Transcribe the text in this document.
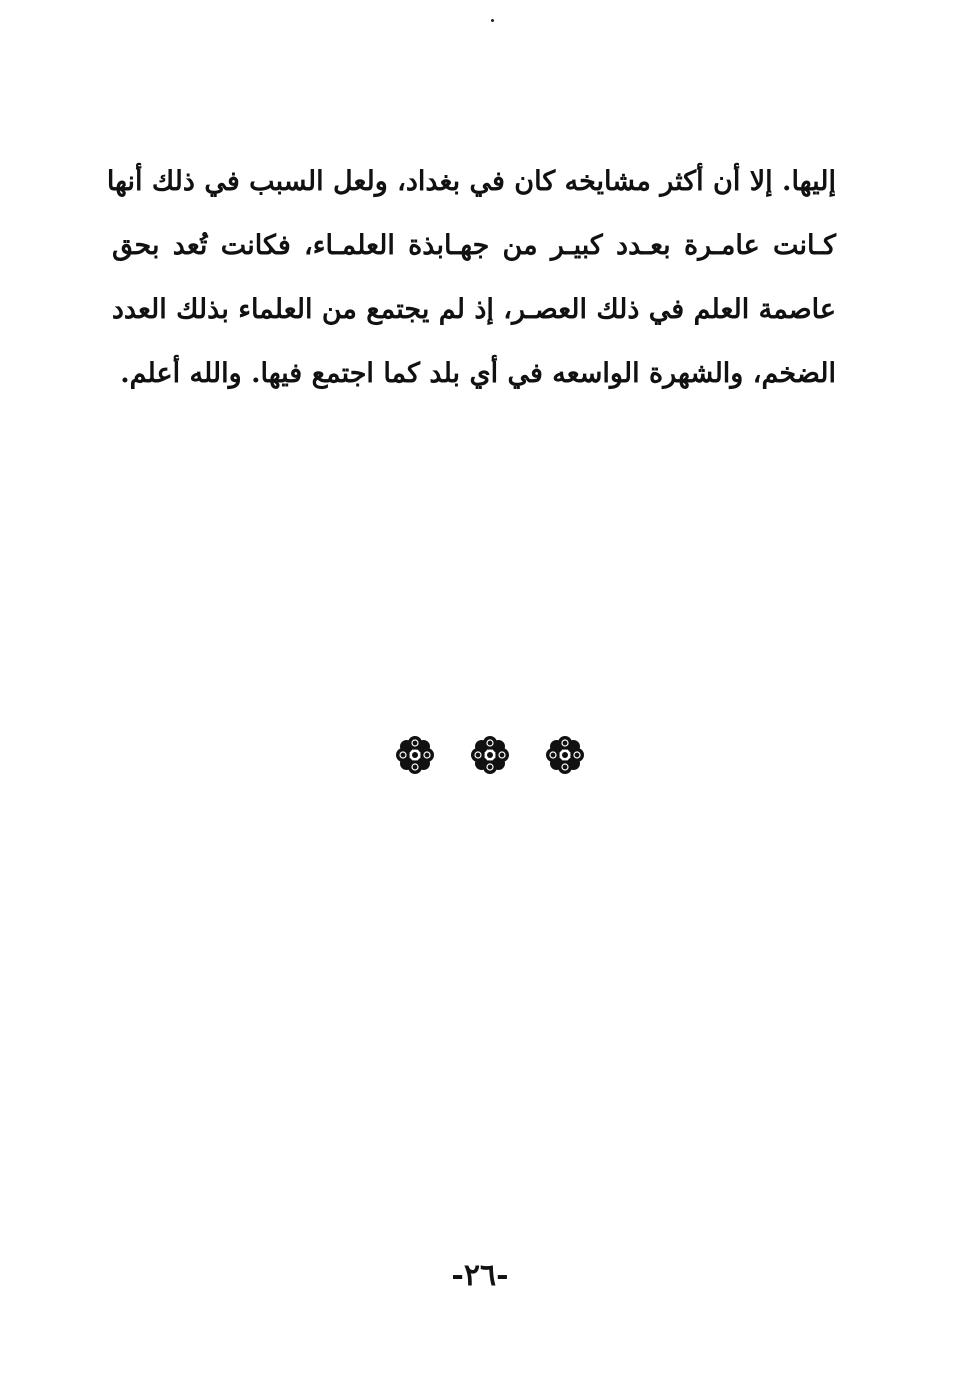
إليها. إلا أن أكثر مشايخه كان في بغداد، ولعل السبب في ذلك أنها
كـانت عامـرة بعـدد كبيـر من جهـابذة العلمـاء، فكانت تُعد بحق
عاصمة العلم في ذلك العصـر، إذ لم يجتمع من العلماء بذلك العدد
الضخم، والشهرة الواسعه في أي بلد كما اجتمع فيها. والله أعلم.
-٢٦-
